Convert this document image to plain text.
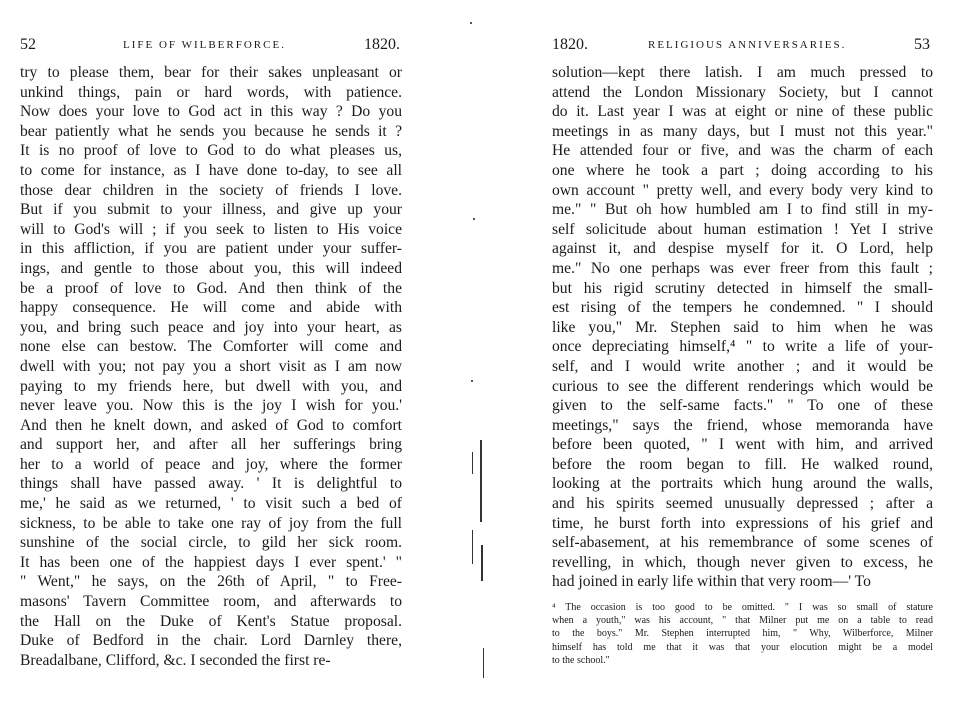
52	LIFE OF WILBERFORCE.	1820.
try to please them, bear for their sakes unpleasant or
unkind things, pain or hard words, with patience.
Now does your love to God act in this way ? Do you
bear patiently what he sends you because he sends it ?
It is no proof of love to God to do what pleases us,
to come for instance, as I have done to-day, to see all
those dear children in the society of friends I love.
But if you submit to your illness, and give up your
will to God's will ; if you seek to listen to His voice
in this affliction, if you are patient under your suffer-
ings, and gentle to those about you, this will indeed
be a proof of love to God. And then think of the
happy consequence. He will come and abide with
you, and bring such peace and joy into your heart, as
none else can bestow. The Comforter will come and
dwell with you; not pay you a short visit as I am now
paying to my friends here, but dwell with you, and
never leave you. Now this is the joy I wish for you.'
And then he knelt down, and asked of God to comfort
and support her, and after all her sufferings bring
her to a world of peace and joy, where the former
things shall have passed away. ' It is delightful to
me,' he said as we returned, ' to visit such a bed of
sickness, to be able to take one ray of joy from the full
sunshine of the social circle, to gild her sick room.
It has been one of the happiest days I ever spent.' "
" Went," he says, on the 26th of April, " to Free-
masons' Tavern Committee room, and afterwards to
the Hall on the Duke of Kent's Statue proposal.
Duke of Bedford in the chair. Lord Darnley there,
Breadalbane, Clifford, &c. I seconded the first re-
1820.	RELIGIOUS ANNIVERSARIES.	53
solution—kept there latish. I am much pressed to
attend the London Missionary Society, but I cannot
do it. Last year I was at eight or nine of these public
meetings in as many days, but I must not this year."
He attended four or five, and was the charm of each
one where he took a part ; doing according to his
own account " pretty well, and every body very kind to
me." " But oh how humbled am I to find still in my-
self solicitude about human estimation ! Yet I strive
against it, and despise myself for it. O Lord, help
me." No one perhaps was ever freer from this fault ;
but his rigid scrutiny detected in himself the small-
est rising of the tempers he condemned. " I should
like you," Mr. Stephen said to him when he was
once depreciating himself,⁴ " to write a life of your-
self, and I would write another ; and it would be
curious to see the different renderings which would be
given to the self-same facts." " To one of these
meetings," says the friend, whose memoranda have
before been quoted, " I went with him, and arrived
before the room began to fill. He walked round,
looking at the portraits which hung around the walls,
and his spirits seemed unusually depressed ; after a
time, he burst forth into expressions of his grief and
self-abasement, at his remembrance of some scenes of
revelling, in which, though never given to excess, he
had joined in early life within that very room—' To
⁴ The occasion is too good to be omitted. " I was so small of stature
when a youth," was his account, " that Milner put me on a table to read
to the boys." Mr. Stephen interrupted him, " Why, Wilberforce, Milner
himself has told me that it was that your elocution might be a model
to the school."
